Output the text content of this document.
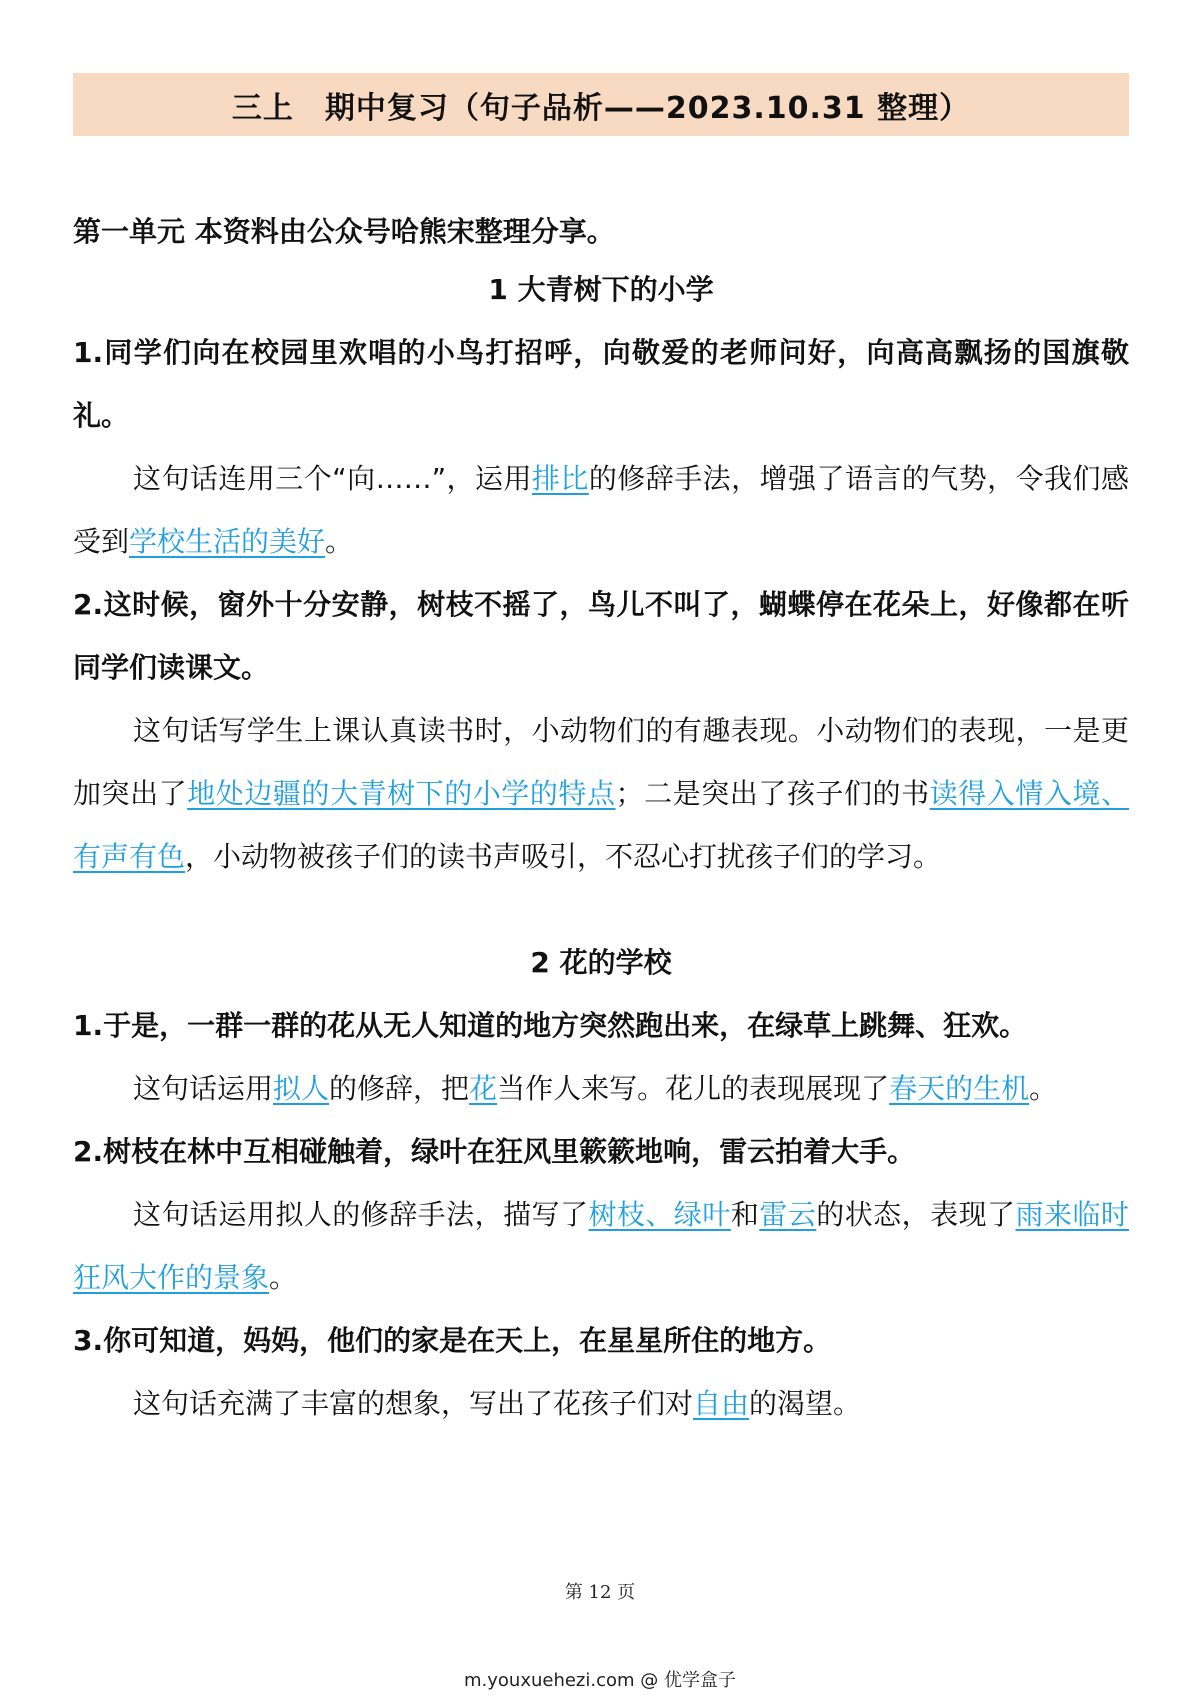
三上　期中复习（句子品析——2023.10.31 整理）

第一单元 本资料由公众号哈熊宋整理分享。

1 大青树下的小学

1.同学们向在校园里欢唱的小鸟打招呼，向敬爱的老师问好，向高高飘扬的国旗敬礼。

这句话连用三个“向……”，运用排比的修辞手法，增强了语言的气势，令我们感受到学校生活的美好。

2.这时候，窗外十分安静，树枝不摇了，鸟儿不叫了，蝴蝶停在花朵上，好像都在听同学们读课文。

这句话写学生上课认真读书时，小动物们的有趣表现。小动物们的表现，一是更加突出了地处边疆的大青树下的小学的特点；二是突出了孩子们的书读得入情入境、有声有色，小动物被孩子们的读书声吸引，不忍心打扰孩子们的学习。

2 花的学校

1.于是，一群一群的花从无人知道的地方突然跑出来，在绿草上跳舞、狂欢。

这句话运用拟人的修辞，把花当作人来写。花儿的表现展现了春天的生机。

2.树枝在林中互相碰触着，绿叶在狂风里簌簌地响，雷云拍着大手。

这句话运用拟人的修辞手法，描写了树枝、绿叶和雷云的状态，表现了雨来临时狂风大作的景象。

3.你可知道，妈妈，他们的家是在天上，在星星所住的地方。

这句话充满了丰富的想象，写出了花孩子们对自由的渴望。

第 12 页
m.youxuehezi.com @ 优学盒子
